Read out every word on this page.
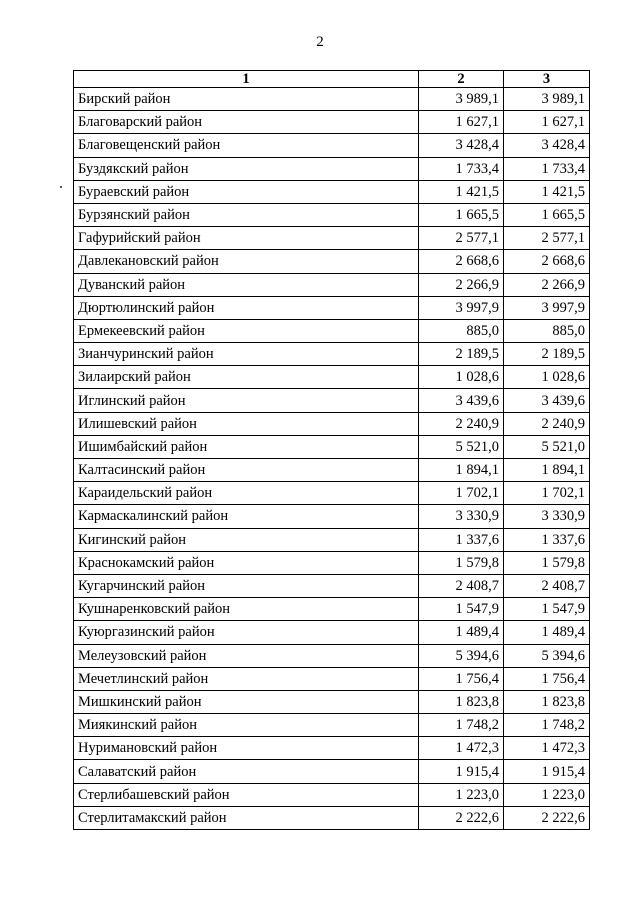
2
1	2	3
Бирский район	3 989,1	3 989,1
Благоварский район	1 627,1	1 627,1
Благовещенский район	3 428,4	3 428,4
Буздякский район	1 733,4	1 733,4
Бураевский район	1 421,5	1 421,5
Бурзянский район	1 665,5	1 665,5
Гафурийский район	2 577,1	2 577,1
Давлекановский район	2 668,6	2 668,6
Дуванский район	2 266,9	2 266,9
Дюртюлинский район	3 997,9	3 997,9
Ермекеевский район	885,0	885,0
Зианчуринский район	2 189,5	2 189,5
Зилаирский район	1 028,6	1 028,6
Иглинский район	3 439,6	3 439,6
Илишевский район	2 240,9	2 240,9
Ишимбайский район	5 521,0	5 521,0
Калтасинский район	1 894,1	1 894,1
Караидельский район	1 702,1	1 702,1
Кармаскалинский район	3 330,9	3 330,9
Кигинский район	1 337,6	1 337,6
Краснокамский район	1 579,8	1 579,8
Кугарчинский район	2 408,7	2 408,7
Кушнаренковский район	1 547,9	1 547,9
Куюргазинский район	1 489,4	1 489,4
Мелеузовский район	5 394,6	5 394,6
Мечетлинский район	1 756,4	1 756,4
Мишкинский район	1 823,8	1 823,8
Миякинский район	1 748,2	1 748,2
Нуримановский район	1 472,3	1 472,3
Салаватский район	1 915,4	1 915,4
Стерлибашевский район	1 223,0	1 223,0
Стерлитамакский район	2 222,6	2 222,6
